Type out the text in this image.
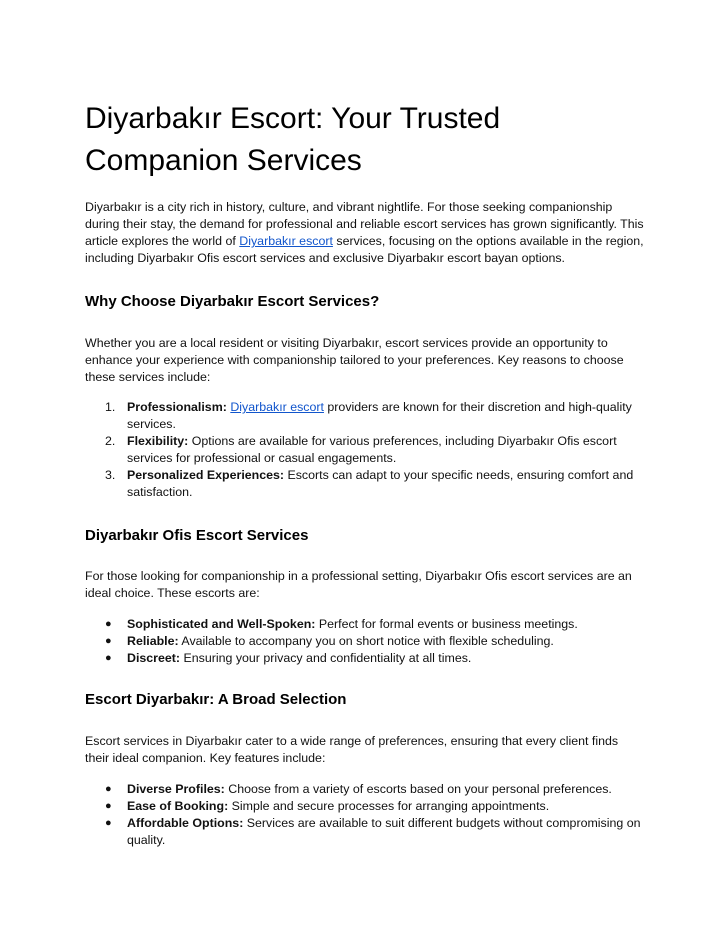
Diyarbakır Escort: Your Trusted Companion Services

Diyarbakır is a city rich in history, culture, and vibrant nightlife. For those seeking companionship during their stay, the demand for professional and reliable escort services has grown significantly. This article explores the world of Diyarbakır escort services, focusing on the options available in the region, including Diyarbakır Ofis escort services and exclusive Diyarbakır escort bayan options.

Why Choose Diyarbakır Escort Services?

Whether you are a local resident or visiting Diyarbakır, escort services provide an opportunity to enhance your experience with companionship tailored to your preferences. Key reasons to choose these services include:

1. Professionalism: Diyarbakır escort providers are known for their discretion and high-quality services.
2. Flexibility: Options are available for various preferences, including Diyarbakır Ofis escort services for professional or casual engagements.
3. Personalized Experiences: Escorts can adapt to your specific needs, ensuring comfort and satisfaction.
Diyarbakır Ofis Escort Services

For those looking for companionship in a professional setting, Diyarbakır Ofis escort services are an ideal choice. These escorts are:

● Sophisticated and Well-Spoken: Perfect for formal events or business meetings.
● Reliable: Available to accompany you on short notice with flexible scheduling.
● Discreet: Ensuring your privacy and confidentiality at all times.
Escort Diyarbakır: A Broad Selection

Escort services in Diyarbakır cater to a wide range of preferences, ensuring that every client finds their ideal companion. Key features include:

● Diverse Profiles: Choose from a variety of escorts based on your personal preferences.
● Ease of Booking: Simple and secure processes for arranging appointments.
● Affordable Options: Services are available to suit different budgets without compromising on quality.
